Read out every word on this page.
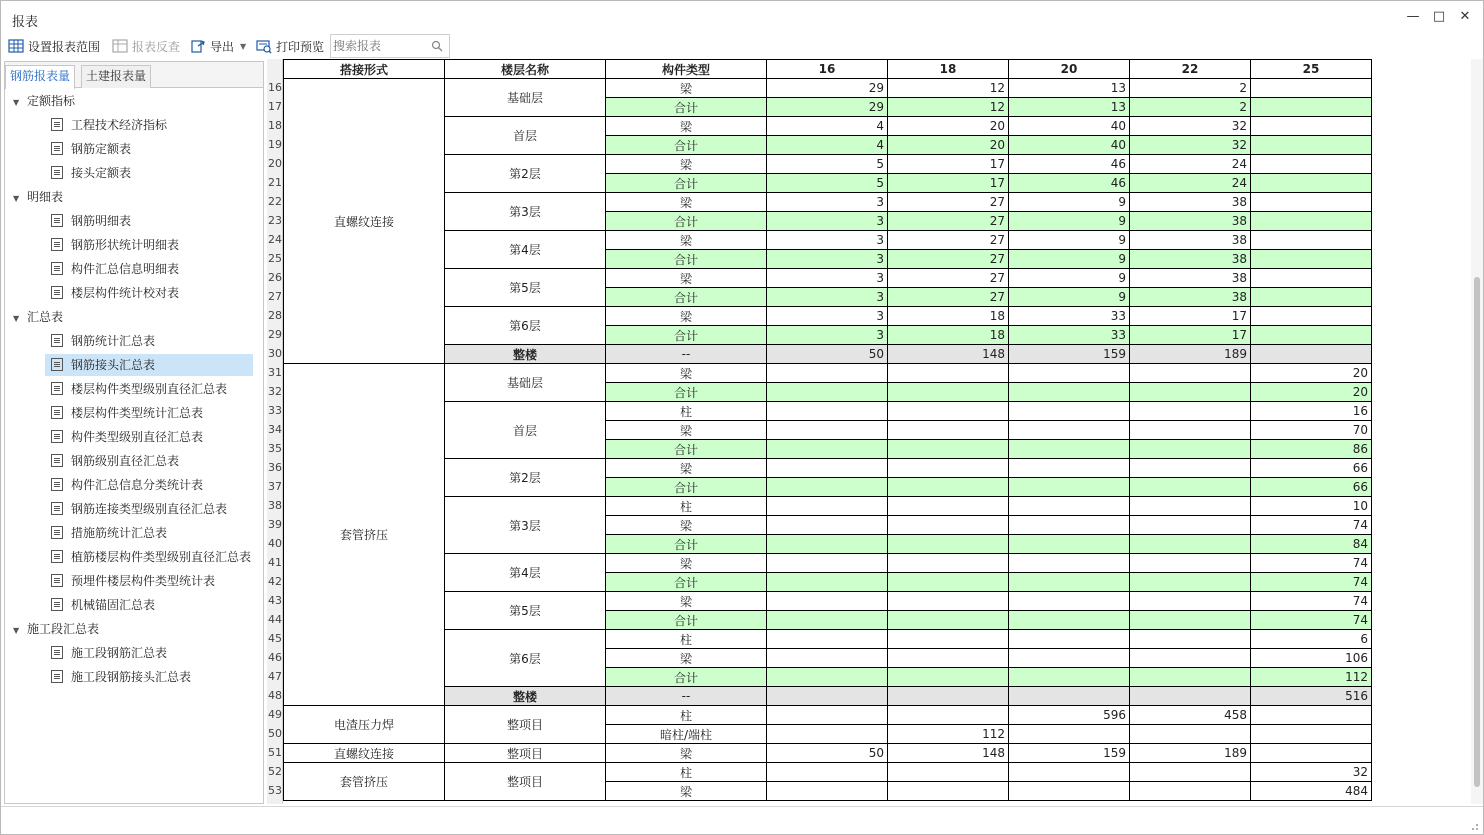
报表	— □ ✕
设置报表范围	报表反查 导出 ▼ 打印预览
搜索报表
钢筋报表量	土建报表量
▼ 定额指标
工程技术经济指标
钢筋定额表
接头定额表
▼ 明细表
钢筋明细表
钢筋形状统计明细表
构件汇总信息明细表
楼层构件统计校对表
▼ 汇总表
钢筋统计汇总表
钢筋接头汇总表
楼层构件类型级别直径汇总表
楼层构件类型统计汇总表
构件类型级别直径汇总表
钢筋级别直径汇总表
构件汇总信息分类统计表
钢筋连接类型级别直径汇总表
措施筋统计汇总表
植筋楼层构件类型级别直径汇总表
预埋件楼层构件类型统计表
机械锚固汇总表
▼ 施工段汇总表
施工段钢筋汇总表
施工段钢筋接头汇总表
16
17
18
19
20
21
22
23
24
25
26
27
28
29
30
31
32
33
34
35
36
37
38
39
40
41
42
43
44
45
46
47
48
49
50
51
52
53
搭接形式	楼层名称	构件类型	16	18	20	22	25
直螺纹连接	基础层	梁	29	12	13	2	
		合计	29	12	13	2	
	首层	梁	4	20	40	32	
		合计	4	20	40	32	
	第2层	梁	5	17	46	24	
		合计	5	17	46	24	
	第3层	梁	3	27	9	38	
		合计	3	27	9	38	
	第4层	梁	3	27	9	38	
		合计	3	27	9	38	
	第5层	梁	3	27	9	38	
		合计	3	27	9	38	
	第6层	梁	3	18	33	17	
		合计	3	18	33	17	
	整楼	--	50	148	159	189	
套管挤压	基础层	梁					20
		合计					20
	首层	柱					16
		梁					70
		合计					86
	第2层	梁					66
		合计					66
	第3层	柱					10
		梁					74
		合计					84
	第4层	梁					74
		合计					74
	第5层	梁					74
		合计					74
	第6层	柱					6
		梁					106
		合计					112
	整楼	--					516
电渣压力焊	整项目	柱			596	458	
		暗柱/端柱		112			
直螺纹连接	整项目	梁	50	148	159	189	
套管挤压	整项目	柱					32
		梁					484
